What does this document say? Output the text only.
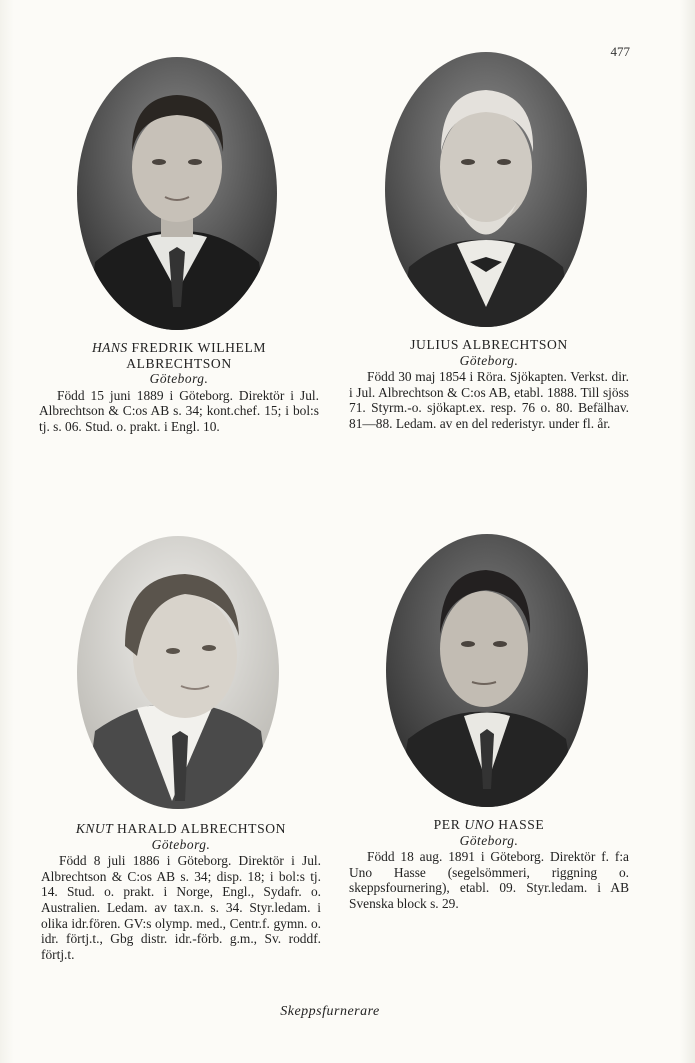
477
HANS FREDRIK WILHELM
ALBRECHTSON
Göteborg.
Född 15 juni 1889 i Göteborg. Direktör i Jul. Albrechtson & C:os AB s. 34; kont.chef. 15; i bol:s tj. s. 06. Stud. o. prakt. i Engl. 10.
JULIUS ALBRECHTSON
Göteborg.
Född 30 maj 1854 i Röra. Sjökapten. Verkst. dir. i Jul. Albrechtson & C:os AB, etabl. 1888. Till sjöss 71. Styrm.-o. sjökapt.ex. resp. 76 o. 80. Befälhav. 81—88. Ledam. av en del rederistyr. under fl. år.
KNUT HARALD ALBRECHTSON
Göteborg.
Född 8 juli 1886 i Göteborg. Direktör i Jul. Albrechtson & C:os AB s. 34; disp. 18; i bol:s tj. 14. Stud. o. prakt. i Norge, Engl., Sydafr. o. Australien. Ledam. av tax.n. s. 34. Styr.ledam. i olika idr.fören. GV:s olymp. med., Centr.f. gymn. o. idr. förtj.t., Gbg distr. idr.-förb. g.m., Sv. roddf. förtj.t.
PER UNO HASSE
Göteborg.
Född 18 aug. 1891 i Göteborg. Direktör f. f:a Uno Hasse (segelsömmeri, riggning o. skeppsfournering), etabl. 09. Styr.ledam. i AB Svenska block s. 29.
Skeppsfurnerare
